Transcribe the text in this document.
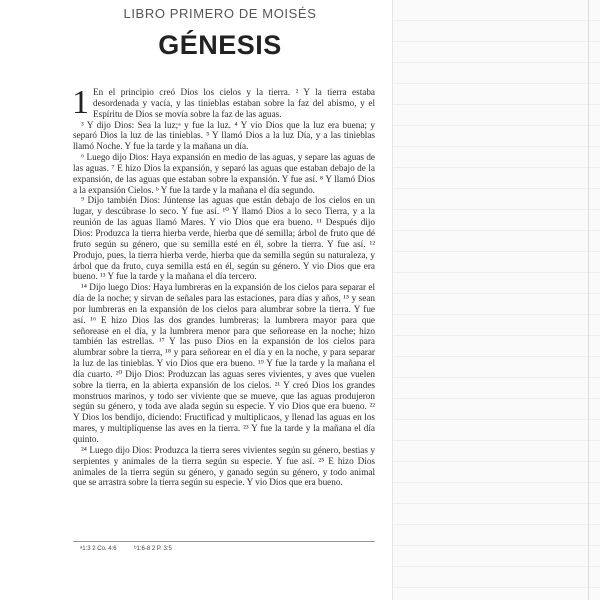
LIBRO PRIMERO DE MOISÉS
GÉNESIS

1 En el principio creó Dios los cielos y la tierra. ² Y la tierra estaba desordenada y vacía, y las tinieblas estaban sobre la faz del abismo, y el Espíritu de Dios se movía sobre la faz de las aguas.

³ Y dijo Dios: Sea la luz;ᵃ y fue la luz. ⁴ Y vio Dios que la luz era buena; y separó Dios la luz de las tinieblas. ⁵ Y llamó Dios a la luz Día, y a las tinieblas llamó Noche. Y fue la tarde y la mañana un día.

⁶ Luego dijo Dios: Haya expansión en medio de las aguas, y separe las aguas de las aguas. ⁷ E hizo Dios la expansión, y separó las aguas que estaban debajo de la expansión, de las aguas que estaban sobre la expansión. Y fue así. ⁸ Y llamó Dios a la expansión Cielos. ᵇ Y fue la tarde y la mañana el día segundo.

⁹ Dijo también Dios: Júntense las aguas que están debajo de los cielos en un lugar, y descúbrase lo seco. Y fue así. ¹⁰ Y llamó Dios a lo seco Tierra, y a la reunión de las aguas llamó Mares. Y vio Dios que era bueno. ¹¹ Después dijo Dios: Produzca la tierra hierba verde, hierba que dé semilla; árbol de fruto que dé fruto según su género, que su semilla esté en él, sobre la tierra. Y fue así. ¹² Produjo, pues, la tierra hierba verde, hierba que da semilla según su naturaleza, y árbol que da fruto, cuya semilla está en él, según su género. Y vio Dios que era bueno. ¹³ Y fue la tarde y la mañana el día tercero.

¹⁴ Dijo luego Dios: Haya lumbreras en la expansión de los cielos para separar el día de la noche; y sirvan de señales para las estaciones, para días y años, ¹⁵ y sean por lumbreras en la expansión de los cielos para alumbrar sobre la tierra. Y fue así. ¹⁶ E hizo Dios las dos grandes lumbreras; la lumbrera mayor para que señorease en el día, y la lumbrera menor para que señorease en la noche; hizo también las estrellas. ¹⁷ Y las puso Dios en la expansión de los cielos para alumbrar sobre la tierra, ¹⁸ y para señorear en el día y en la noche, y para separar la luz de las tinieblas. Y vio Dios que era bueno. ¹⁹ Y fue la tarde y la mañana el día cuarto. ²⁰ Dijo Dios: Produzcan las aguas seres vivientes, y aves que vuelen sobre la tierra, en la abierta expansión de los cielos. ²¹ Y creó Dios los grandes monstruos marinos, y todo ser viviente que se mueve, que las aguas produjeron según su género, y toda ave alada según su especie. Y vio Dios que era bueno. ²² Y Dios los bendijo, diciendo: Fructificad y multiplicaos, y llenad las aguas en los mares, y multiplíquense las aves en la tierra. ²³ Y fue la tarde y la mañana el día quinto.

²⁴ Luego dijo Dios: Produzca la tierra seres vivientes según su género, bestias y serpientes y animales de la tierra según su especie. Y fue así. ²⁵ E hizo Dios animales de la tierra según su género, y ganado según su género, y todo animal que se arrastra sobre la tierra según su especie. Y vio Dios que era bueno.

ᵃ1:3 2 Co. 4:6	ᵇ1:6-8 2 P. 3:5
